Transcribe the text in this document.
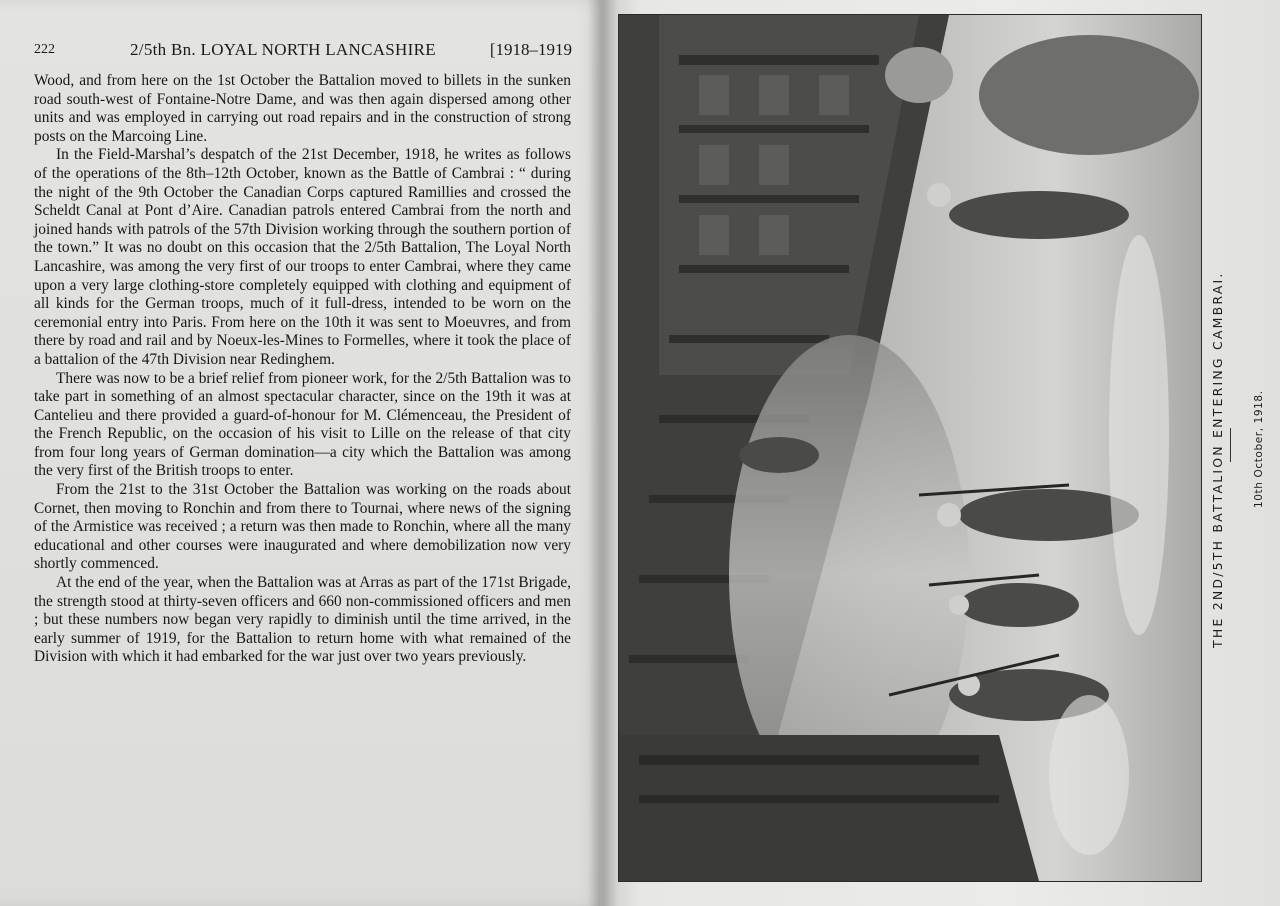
222	2/5th Bn. LOYAL NORTH LANCASHIRE	[1918–1919

Wood, and from here on the 1st October the Battalion moved to billets in the sunken road south-west of Fontaine-Notre Dame, and was then again dispersed among other units and was employed in carrying out road repairs and in the construction of strong posts on the Marcoing Line.

In the Field-Marshal’s despatch of the 21st December, 1918, he writes as follows of the operations of the 8th–12th October, known as the Battle of Cambrai : “ during the night of the 9th October the Canadian Corps captured Ramillies and crossed the Scheldt Canal at Pont d’Aire. Canadian patrols entered Cambrai from the north and joined hands with patrols of the 57th Division working through the southern portion of the town.” It was no doubt on this occasion that the 2/5th Battalion, The Loyal North Lancashire, was among the very first of our troops to enter Cambrai, where they came upon a very large clothing-store completely equipped with clothing and equipment of all kinds for the German troops, much of it full-dress, intended to be worn on the ceremonial entry into Paris. From here on the 10th it was sent to Moeuvres, and from there by road and rail and by Noeux-les-Mines to Formelles, where it took the place of a battalion of the 47th Division near Redinghem.

There was now to be a brief relief from pioneer work, for the 2/5th Battalion was to take part in something of an almost spectacular character, since on the 19th it was at Cantelieu and there provided a guard-of-honour for M. Clémenceau, the President of the French Republic, on the occasion of his visit to Lille on the release of that city from four long years of German domination—a city which the Battalion was among the very first of the British troops to enter.

From the 21st to the 31st October the Battalion was working on the roads about Cornet, then moving to Ronchin and from there to Tournai, where news of the signing of the Armistice was received ; a return was then made to Ronchin, where all the many educational and other courses were inaugurated and where demobilization now very shortly commenced.

At the end of the year, when the Battalion was at Arras as part of the 171st Brigade, the strength stood at thirty-seven officers and 660 non-commissioned officers and men ; but these numbers now began very rapidly to diminish until the time arrived, in the early summer of 1919, for the Battalion to return home with what remained of the Division with which it had embarked for the war just over two years previously.

THE 2ND/5TH BATTALION ENTERING CAMBRAI.	10th October, 1918.
